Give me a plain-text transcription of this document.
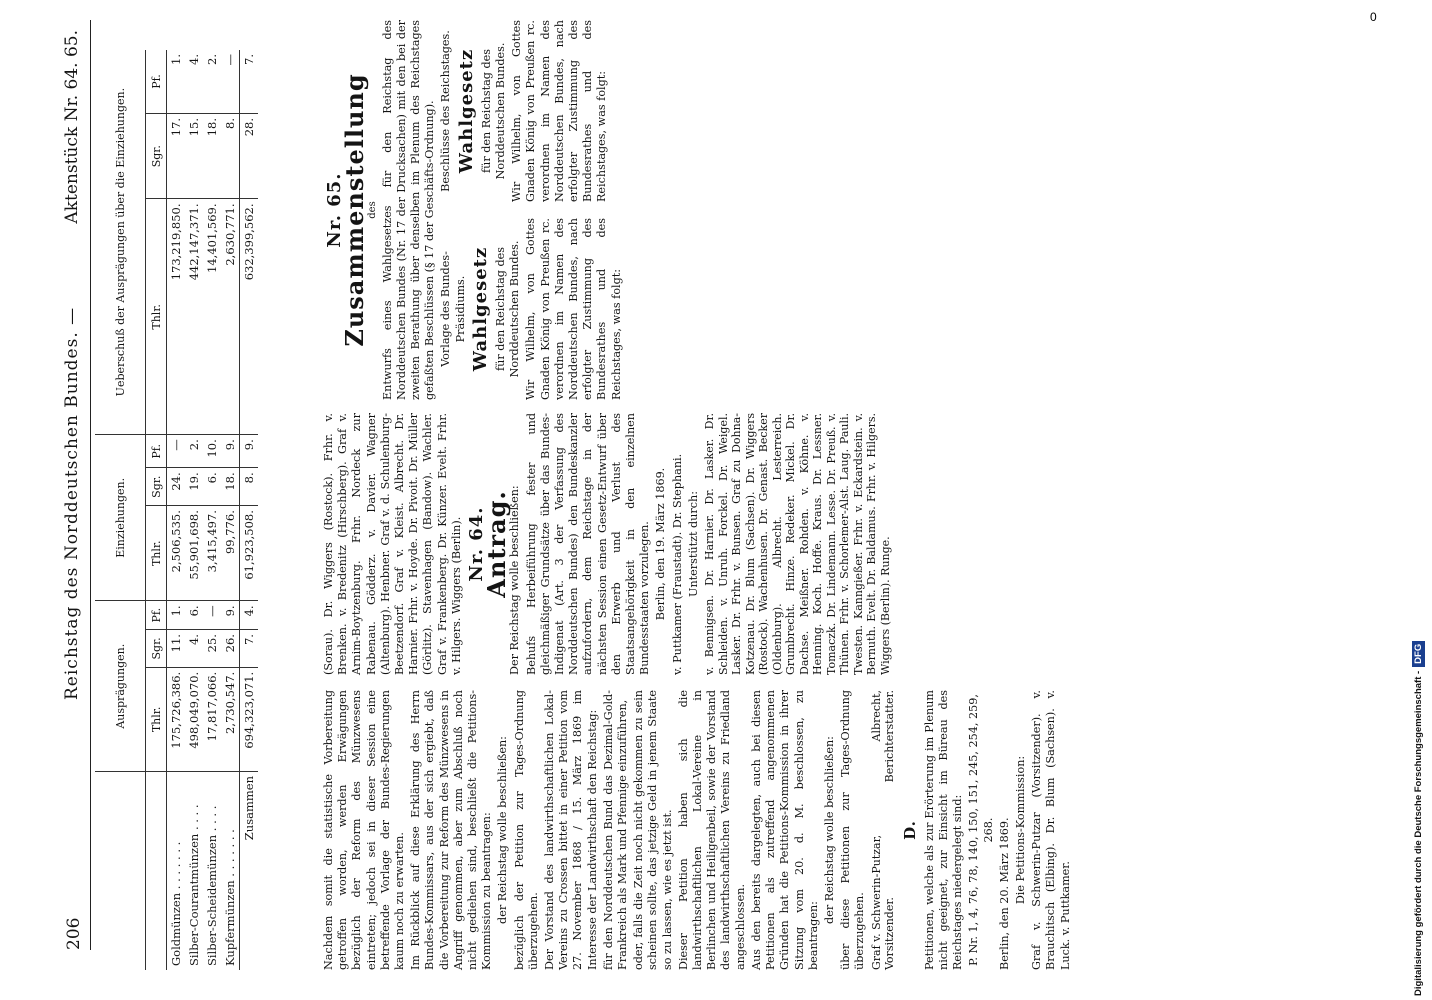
206
Reichstag des Norddeutschen Bundes. —
Aktenstück Nr. 64. 65.
	Ausprägungen.			Einziehungen.			Ueberschuß der Ausprägungen über die Einziehungen.		
	Thlr.	Sgr.	Pf.	Thlr.	Sgr.	Pf.	Thlr.	Sgr.	Pf.
Goldmünzen . . . . . . .	175,726,386.	11.	1.	2,506,535.	24.	—	173,219,850.	17.	1.
Silber-Courantmünzen . . . .	498,049,070.	4.	6.	55,901,698.	19.	2.	442,147,371.	15.	4.
Silber-Scheidemünzen . . . .	17,817,066.	25.	—	3,415,497.	6.	10.	14,401,569.	18.	2.
Kupfermünzen . . . . . . .	2,730,547.	26.	9.	99,776.	18.	9.	2,630,771.	8.	—
Zusammen	694,323,071.	7.	4.	61,923,508.	8.	9.	632,399,562.	28.	7.

Nachdem somit die statistische Vorbereitung getroffen worden, werden Erwägungen bezüglich der Reform des Münzwesens eintreten; jedoch sei in dieser Session eine betreffende Vorlage der Bundes-Regierungen kaum noch zu erwarten. Im Rückblick auf diese Erklärung des Herrn Bundes-Kommissars, aus der sich ergiebt, daß die Vorbereitung zur Reform des Münzwesens in Angriff genommen, aber zum Abschluß noch nicht gediehen sind, beschließt die Petitions-Kommission zu beantragen: der Reichstag wolle beschließen: bezüglich der Petition zur Tages-Ordnung überzugehen. Der Vorstand des landwirthschaftlichen Lokal-Vereins zu Crossen bittet in einer Petition vom 27. November 1868 / 15. März 1869 im Interesse der Landwirthschaft den Reichstag: für den Norddeutschen Bund das Dezimal-Gold-Frankreich als Mark und Pfennige einzuführen, oder, falls die Zeit noch nicht gekommen zu sein scheinen sollte, das jetzige Geld in jenem Staate so zu lassen, wie es jetzt ist. Dieser Petition haben sich die landwirthschaftlichen Lokal-Vereine in Berlinchen und Heiligenbeil, sowie der Vorstand des landwirthschaftlichen Vereins zu Friedland angeschlossen. Aus den bereits dargelegten, auch bei diesen Petitionen als zutreffend angenommenen Gründen hat die Petitions-Kommission in ihrer Sitzung vom 20. d. M. beschlossen, zu beantragen:

der Reichstag wolle beschließen: über diese Petitionen zur Tages-Ordnung überzugehen. Graf v. Schwerin-Putzar, Vorsitzender.
Albrecht, Berichterstatter.
D. Petitionen, welche als zur Erörterung im Plenum nicht geeignet, zur Einsicht im Büreau des Reichstages niedergelegt sind: P. Nr. 1, 4, 76, 78, 140, 150, 151, 245, 254, 259, 268. Berlin, den 20. März 1869. Die Petitions-Kommission: Graf v. Schwerin-Putzar (Vorsitzender). v. Brauchitsch (Elbing). Dr. Blum (Sachsen). v. Luck. v. Puttkamer.

(Sorau). Dr. Wiggers (Rostock). Frhr. v. Brenken. v. Bredenitz (Hirschberg). Graf v. Arnim-Boytzenburg. Frhr. Nordeck zur Rabenau. Gödderz. v. Davier. Wagner (Altenburg). Henbner. Graf v. d. Schulenburg-Beetzendorf. Graf v. Kleist. Albrecht. Dr. Harnier. Frhr. v. Hoyde. Dr. Pivoit. Dr. Müller (Görlitz). Stavenhagen (Bandow). Wachler. Graf v. Frankenberg. Dr. Künzer. Evelt. Frhr. v. Hilgers. Wiggers (Berlin). Nr. 64.
Antrag.

Der Reichstag wolle beschließen: Behufs Herbeiführung fester und gleichmäßiger Grundsätze über das Bundes-Indigenat (Art. 3 der Verfassung des Norddeutschen Bundes) den Bundeskanzler aufzufordern, dem Reichstage in der nächsten Session einen Gesetz-Entwurf über den Erwerb und Verlust des Staatsangehörigkeit in den einzelnen Bundesstaaten vorzulegen. Berlin, den 19. März 1869. v. Puttkamer (Fraustadt). Dr. Stephani. Unterstützt durch: v. Bennigsen. Dr. Harnier. Dr. Lasker. Dr. Schleiden. v. Unruh. Forckel. Dr. Weigel. Lasker. Dr. Frhr. v. Bunsen. Graf zu Dohna-Kotzenau. Dr. Blum (Sachsen). Dr. Wiggers (Rostock). Wachenhusen. Dr. Genast. Becker (Oldenburg). Albrecht. Lesterreich. Grumbrecht. Hinze. Redeker. Mickel. Dr. Dachse. Meißner. Rohden. v. Köhne. v. Henning. Koch. Hoffe. Kraus. Dr. Lessner. Tomaczk. Dr. Lindemann. Lesse. Dr. Preuß. v. Thünen. Frhr. v. Schorlemer-Alst. Laug. Pauli. Twesten. Kanngießer. Frhr. v. Eckardstein. v. Bernuth. Evelt. Dr. Baldamus. Frhr. v. Hilgers. Wiggers (Berlin). Runge.

Nr. 65.
Zusammenstellung
des Entwurfs eines Wahlgesetzes für den Reichstag des Norddeutschen Bundes (Nr. 17 der Drucksachen) mit den bei der zweiten Berathung über denselben im Plenum des Reichstages gefaßten Beschlüssen (§ 17 der Geschäfts-Ordnung). Vorlage des Bundes-Präsidiums. Wahlgesetz für den Reichstag des Norddeutschen Bundes. Wir Wilhelm, von Gottes Gnaden König von Preußen rc. verordnen im Namen des Norddeutschen Bundes, nach erfolgter Zustimmung des Bundesrathes und des Reichstages, was folgt:

Beschlüsse des Reichstages. Wahlgesetz für den Reichstag des Norddeutschen Bundes. Wir Wilhelm, von Gottes Gnaden König von Preußen rc. verordnen im Namen des Norddeutschen Bundes, nach erfolgter Zustimmung des Bundesrathes und des Reichstages, was folgt:

0
Digitalisierung gefördert durch die Deutsche Forschungsgemeinschaft -DFG
